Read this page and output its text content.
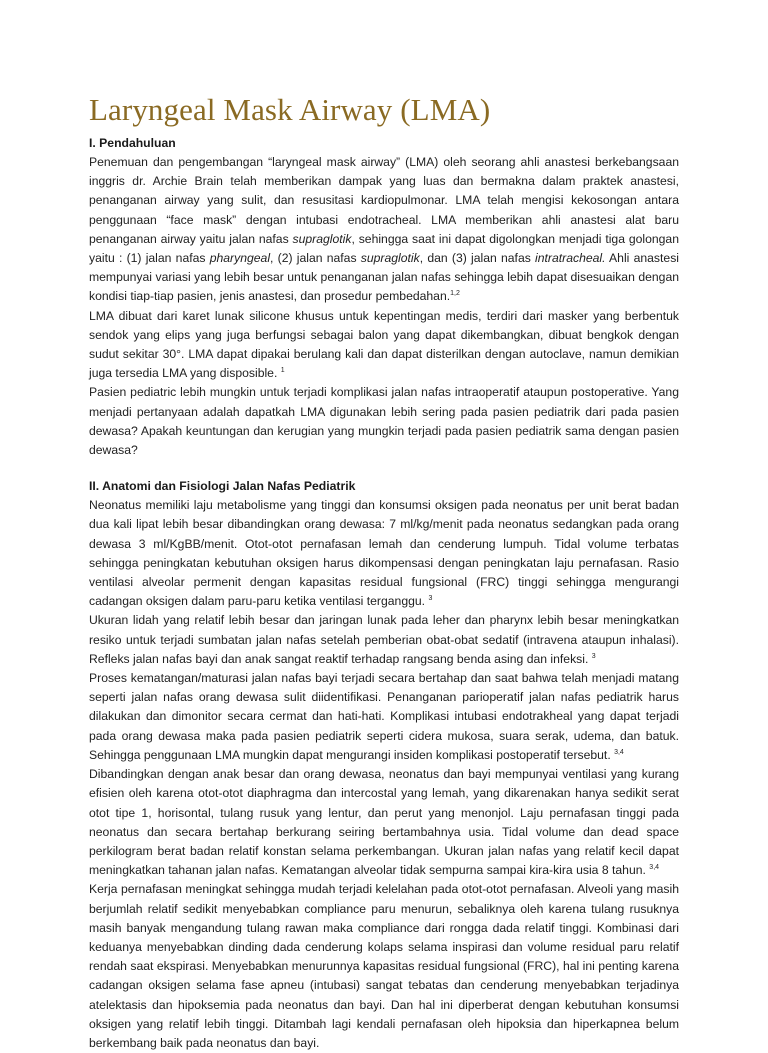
Laryngeal Mask Airway (LMA)
I. Pendahuluan

Penemuan dan pengembangan “laryngeal mask airway” (LMA) oleh seorang ahli anastesi berkebangsaan inggris dr. Archie Brain telah memberikan dampak yang luas dan bermakna dalam praktek anastesi, penanganan airway yang sulit, dan resusitasi kardiopulmonar. LMA telah mengisi kekosongan antara penggunaan “face mask” dengan intubasi endotracheal. LMA memberikan ahli anastesi alat baru penanganan airway yaitu jalan nafas supraglotik, sehingga saat ini dapat digolongkan menjadi tiga golongan yaitu : (1) jalan nafas pharyngeal, (2) jalan nafas supraglotik, dan (3) jalan nafas intratracheal. Ahli anastesi mempunyai variasi yang lebih besar untuk penanganan jalan nafas sehingga lebih dapat disesuaikan dengan kondisi tiap-tiap pasien, jenis anastesi, dan prosedur pembedahan.$^{1,2}$

LMA dibuat dari karet lunak silicone khusus untuk kepentingan medis, terdiri dari masker yang berbentuk sendok yang elips yang juga berfungsi sebagai balon yang dapat dikembangkan, dibuat bengkok dengan sudut sekitar 30°. LMA dapat dipakai berulang kali dan dapat disterilkan dengan autoclave, namun demikian juga tersedia LMA yang disposible. $^1$

Pasien pediatric lebih mungkin untuk terjadi komplikasi jalan nafas intraoperatif ataupun postoperative. Yang menjadi pertanyaan adalah dapatkah LMA digunakan lebih sering pada pasien pediatrik dari pada pasien dewasa? Apakah keuntungan dan kerugian yang mungkin terjadi pada pasien pediatrik sama dengan pasien dewasa?

II. Anatomi dan Fisiologi Jalan Nafas Pediatrik

Neonatus memiliki laju metabolisme yang tinggi dan konsumsi oksigen pada neonatus per unit berat badan dua kali lipat lebih besar dibandingkan orang dewasa: 7 ml/kg/menit pada neonatus sedangkan pada orang dewasa 3 ml/KgBB/menit. Otot-otot pernafasan lemah dan cenderung lumpuh. Tidal volume terbatas sehingga peningkatan kebutuhan oksigen harus dikompensasi dengan peningkatan laju pernafasan. Rasio ventilasi alveolar permenit dengan kapasitas residual fungsional (FRC) tinggi sehingga mengurangi cadangan oksigen dalam paru-paru ketika ventilasi terganggu. $^3$

Ukuran lidah yang relatif lebih besar dan jaringan lunak pada leher dan pharynx lebih besar meningkatkan resiko untuk terjadi sumbatan jalan nafas setelah pemberian obat-obat sedatif (intravena ataupun inhalasi). Refleks jalan nafas bayi dan anak sangat reaktif terhadap rangsang benda asing dan infeksi. $^3$

Proses kematangan/maturasi jalan nafas bayi terjadi secara bertahap dan saat bahwa telah menjadi matang seperti jalan nafas orang dewasa sulit diidentifikasi. Penanganan parioperatif jalan nafas pediatrik harus dilakukan dan dimonitor secara cermat dan hati-hati. Komplikasi intubasi endotrakheal yang dapat terjadi pada orang dewasa maka pada pasien pediatrik seperti cidera mukosa, suara serak, udema, dan batuk. Sehingga penggunaan LMA mungkin dapat mengurangi insiden komplikasi postoperatif tersebut. $^{3,4}$

Dibandingkan dengan anak besar dan orang dewasa, neonatus dan bayi mempunyai ventilasi yang kurang efisien oleh karena otot-otot diaphragma dan intercostal yang lemah, yang dikarenakan hanya sedikit serat otot tipe 1, horisontal, tulang rusuk yang lentur, dan perut yang menonjol. Laju pernafasan tinggi pada neonatus dan secara bertahap berkurang seiring bertambahnya usia. Tidal volume dan dead space perkilogram berat badan relatif konstan selama perkembangan. Ukuran jalan nafas yang relatif kecil dapat meningkatkan tahanan jalan nafas. Kematangan alveolar tidak sempurna sampai kira-kira usia 8 tahun. $^{3,4}$

Kerja pernafasan meningkat sehingga mudah terjadi kelelahan pada otot-otot pernafasan. Alveoli yang masih berjumlah relatif sedikit menyebabkan compliance paru menurun, sebaliknya oleh karena tulang rusuknya masih banyak mengandung tulang rawan maka compliance dari rongga dada relatif tinggi. Kombinasi dari keduanya menyebabkan dinding dada cenderung kolaps selama inspirasi dan volume residual paru relatif rendah saat ekspirasi. Menyebabkan menurunnya kapasitas residual fungsional (FRC), hal ini penting karena cadangan oksigen selama fase apneu (intubasi) sangat tebatas dan cenderung menyebabkan terjadinya atelektasis dan hipoksemia pada neonatus dan bayi. Dan hal ini diperberat dengan kebutuhan konsumsi oksigen yang relatif lebih tinggi. Ditambah lagi kendali pernafasan oleh hipoksia dan hiperkapnea belum berkembang baik pada neonatus dan bayi.
